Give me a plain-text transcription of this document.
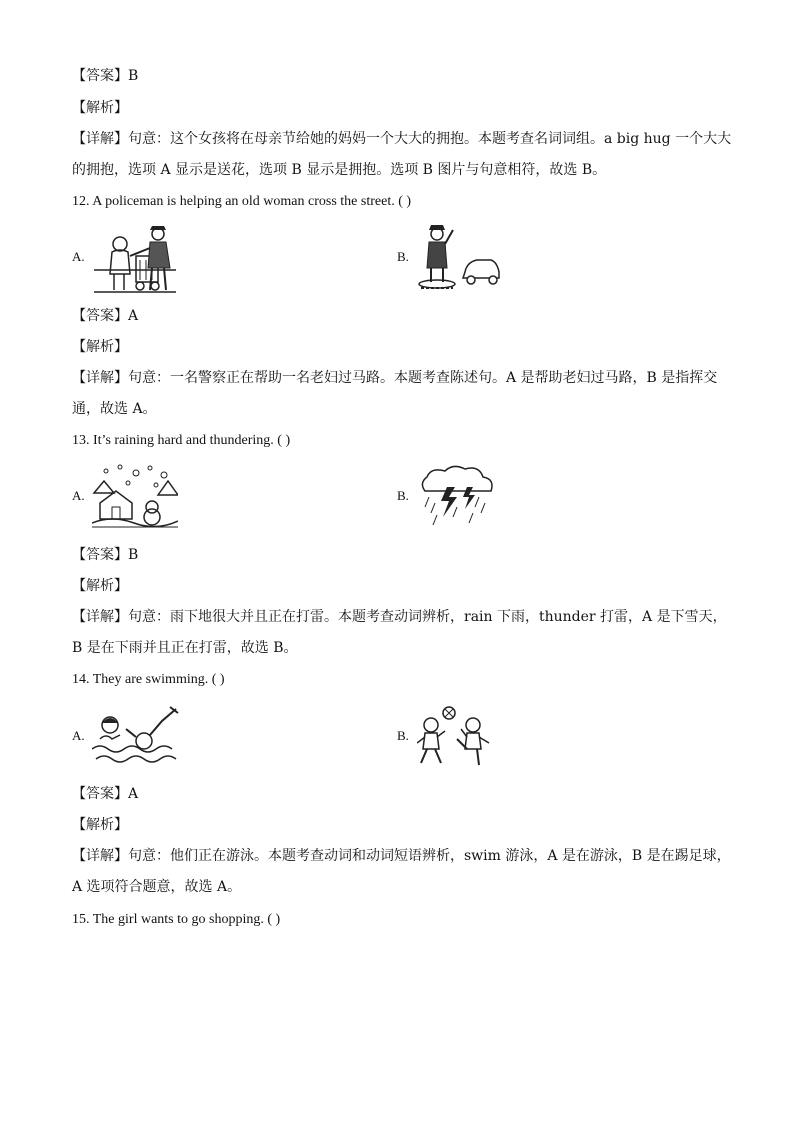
【答案】B
【解析】
【详解】句意：这个女孩将在母亲节给她的妈妈一个大大的拥抱。本题考查名词词组。a big hug 一个大大的拥抱，选项 A 显示是送花，选项 B 显示是拥抱。选项 B 图片与句意相符，故选 B。
12. A policeman is helping an old woman cross the street. ( )
A.	B.
【答案】A
【解析】
【详解】句意：一名警察正在帮助一名老妇过马路。本题考查陈述句。A 是帮助老妇过马路，B 是指挥交通，故选 A。
13. It’s raining hard and thundering. ( )
A.	B.
【答案】B
【解析】
【详解】句意：雨下地很大并且正在打雷。本题考查动词辨析，rain 下雨，thunder 打雷，A 是下雪天，B 是在下雨并且正在打雷，故选 B。
14. They are swimming. ( )
A.	B.
【答案】A
【解析】
【详解】句意：他们正在游泳。本题考查动词和动词短语辨析，swim 游泳，A 是在游泳，B 是在踢足球，A 选项符合题意，故选 A。
15. The girl wants to go shopping. ( )
